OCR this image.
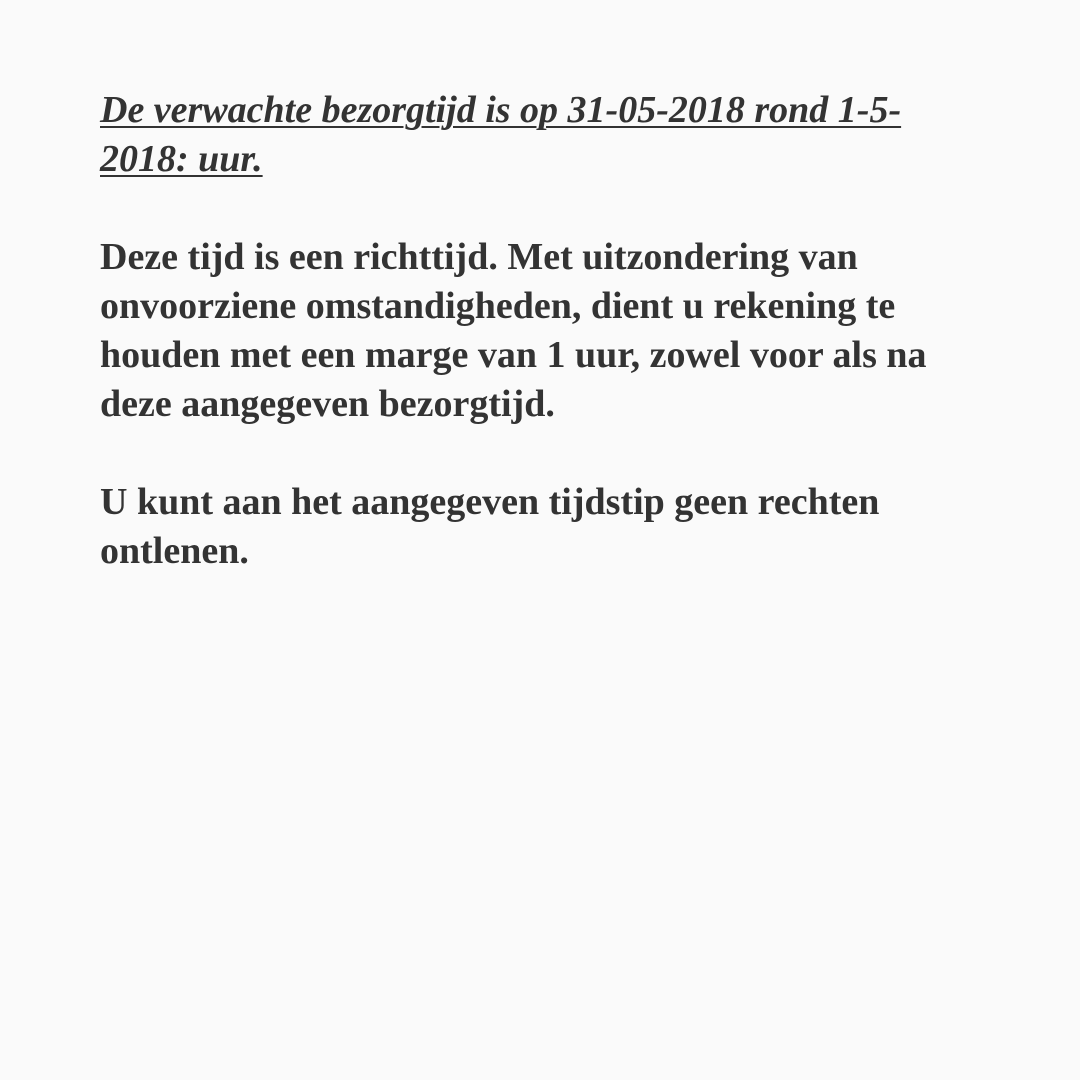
De verwachte bezorgtijd is op 31-05-2018 rond 1-5-2018: uur.

Deze tijd is een richttijd. Met uitzondering van onvoorziene omstandigheden, dient u rekening te houden met een marge van 1 uur, zowel voor als na deze aangegeven bezorgtijd.

U kunt aan het aangegeven tijdstip geen rechten ontlenen.
